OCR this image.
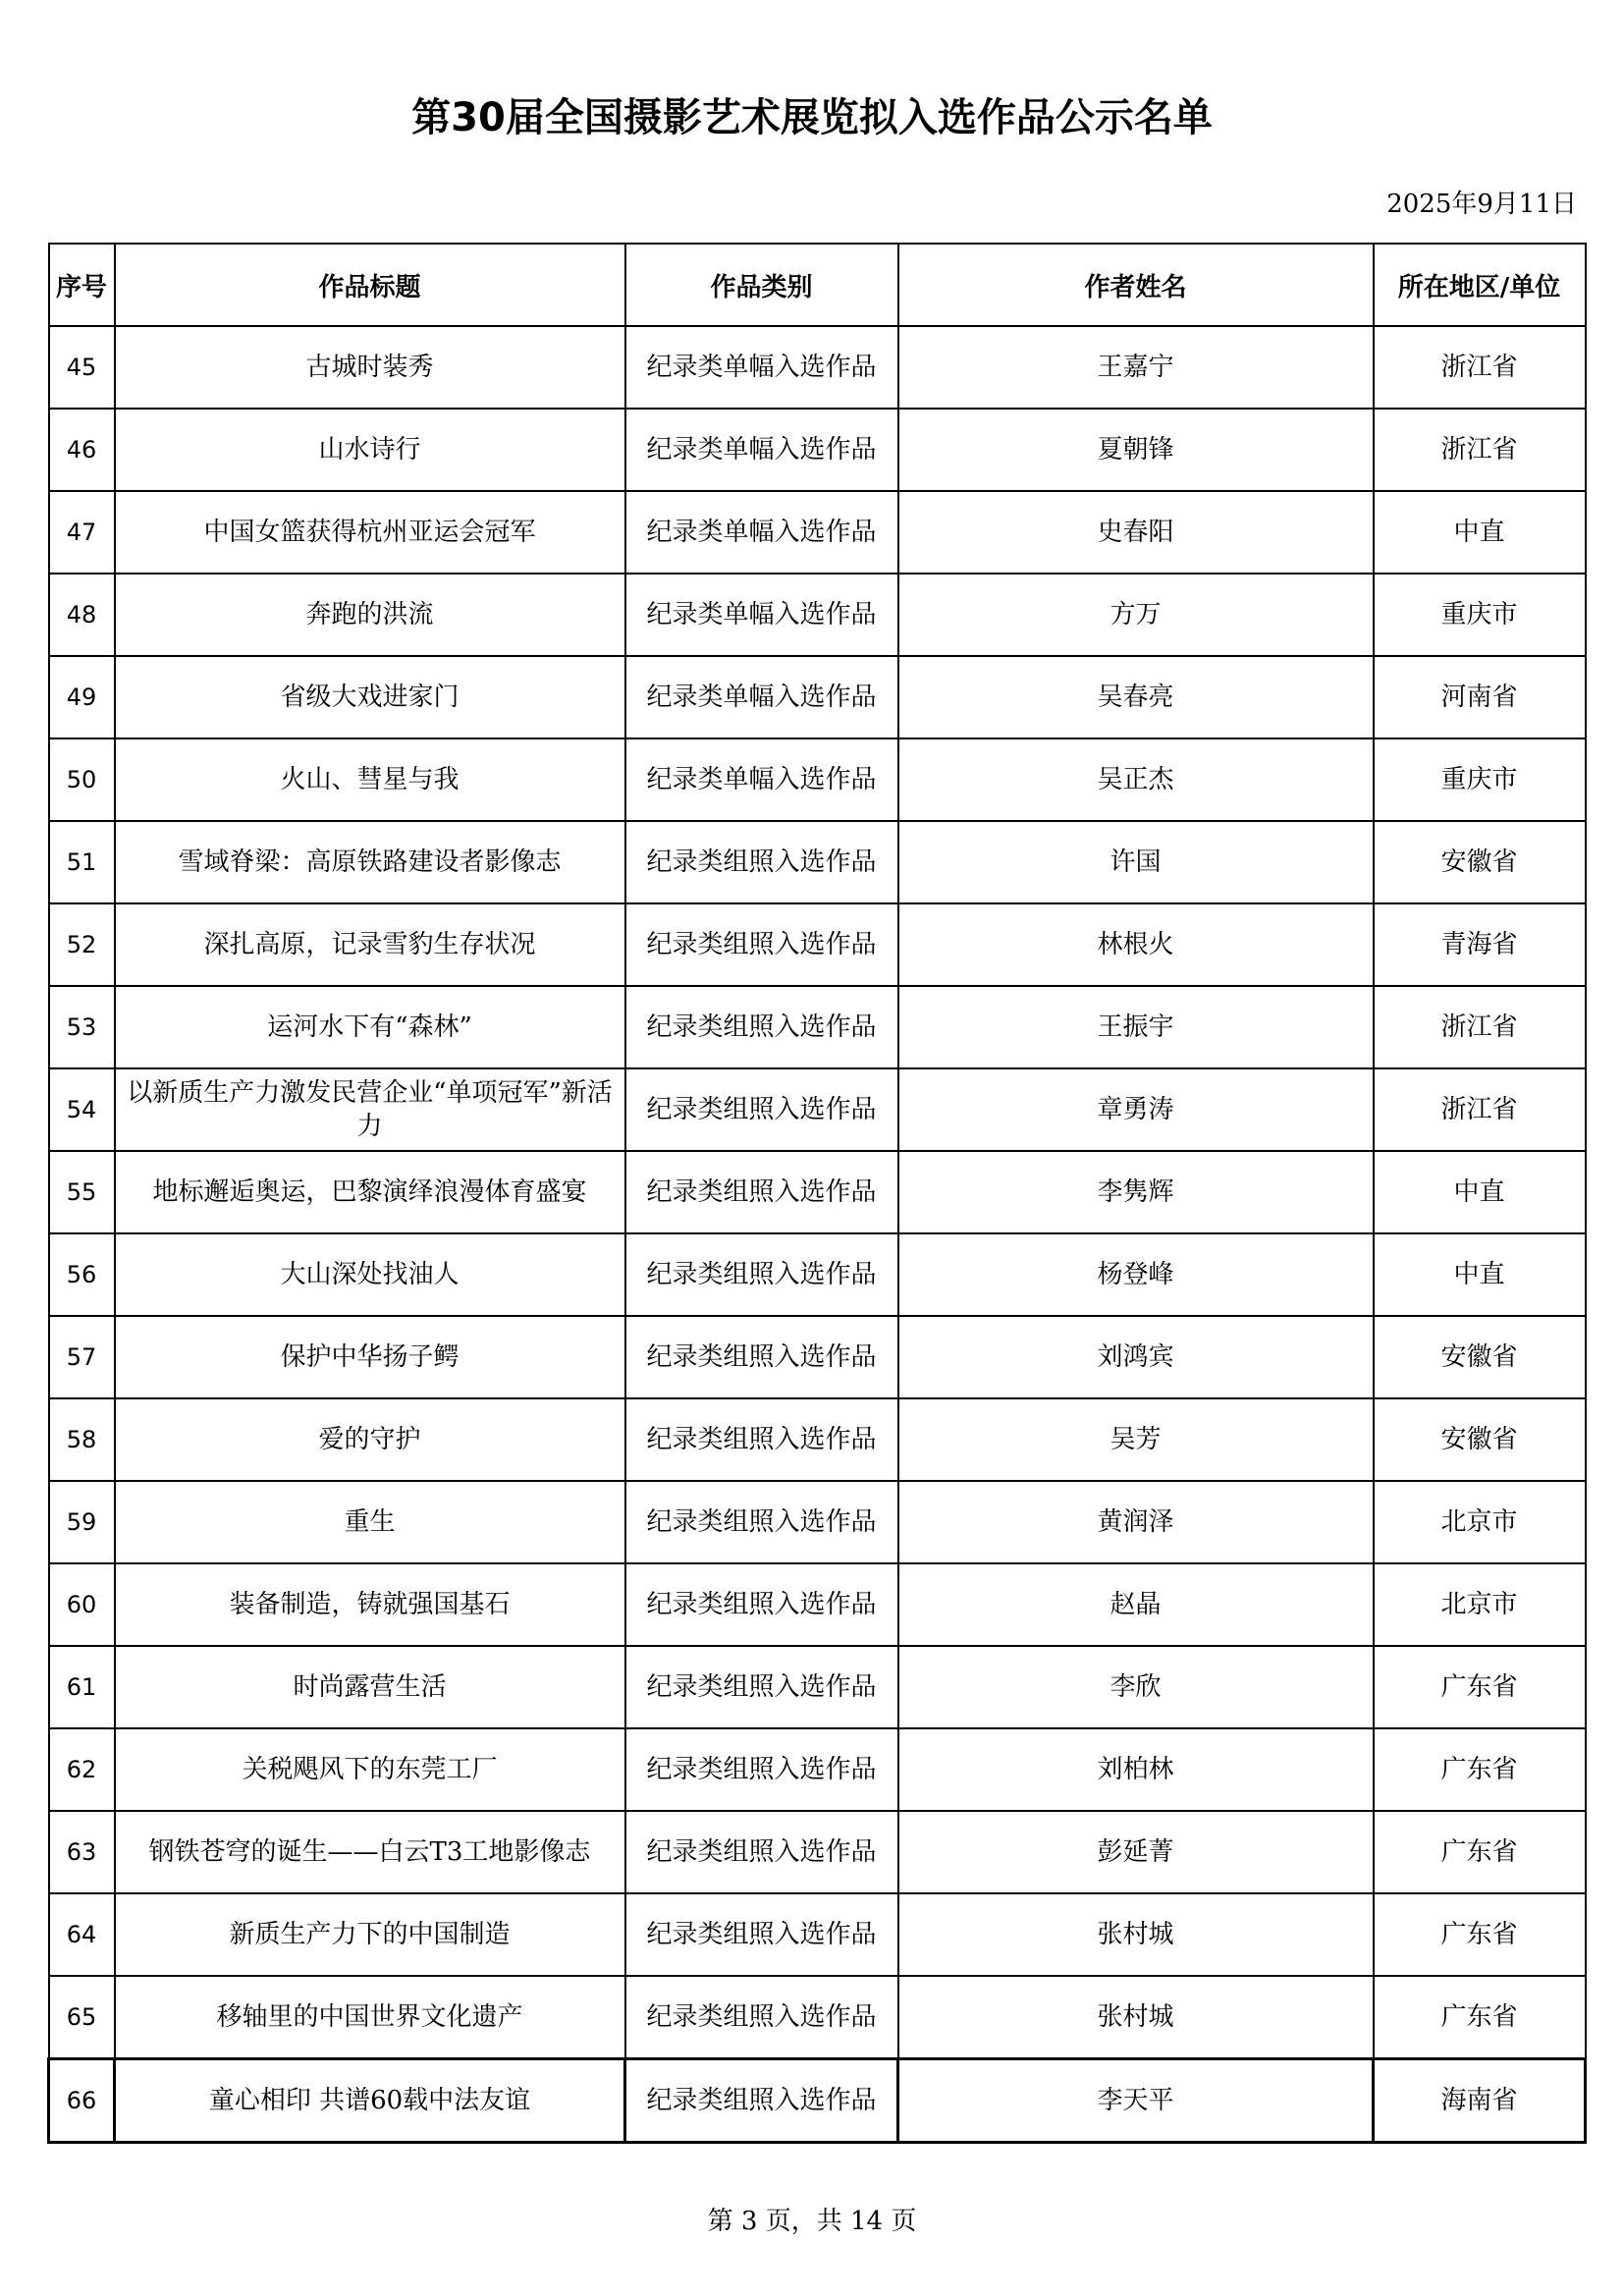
第30届全国摄影艺术展览拟入选作品公示名单
2025年9月11日
序号	作品标题	作品类别	作者姓名	所在地区/单位
45	古城时装秀	纪录类单幅入选作品	王嘉宁	浙江省
46	山水诗行	纪录类单幅入选作品	夏朝锋	浙江省
47	中国女篮获得杭州亚运会冠军	纪录类单幅入选作品	史春阳	中直
48	奔跑的洪流	纪录类单幅入选作品	方万	重庆市
49	省级大戏进家门	纪录类单幅入选作品	吴春亮	河南省
50	火山、彗星与我	纪录类单幅入选作品	吴正杰	重庆市
51	雪域脊梁：高原铁路建设者影像志	纪录类组照入选作品	许国	安徽省
52	深扎高原，记录雪豹生存状况	纪录类组照入选作品	林根火	青海省
53	运河水下有“森林”	纪录类组照入选作品	王振宇	浙江省
54	以新质生产力激发民营企业“单项冠军”新活力	纪录类组照入选作品	章勇涛	浙江省
55	地标邂逅奥运，巴黎演绎浪漫体育盛宴	纪录类组照入选作品	李隽辉	中直
56	大山深处找油人	纪录类组照入选作品	杨登峰	中直
57	保护中华扬子鳄	纪录类组照入选作品	刘鸿宾	安徽省
58	爱的守护	纪录类组照入选作品	吴芳	安徽省
59	重生	纪录类组照入选作品	黄润泽	北京市
60	装备制造，铸就强国基石	纪录类组照入选作品	赵晶	北京市
61	时尚露营生活	纪录类组照入选作品	李欣	广东省
62	关税飓风下的东莞工厂	纪录类组照入选作品	刘柏林	广东省
63	钢铁苍穹的诞生——白云T3工地影像志	纪录类组照入选作品	彭延菁	广东省
64	新质生产力下的中国制造	纪录类组照入选作品	张村城	广东省
65	移轴里的中国世界文化遗产	纪录类组照入选作品	张村城	广东省
66	童心相印 共谱60载中法友谊	纪录类组照入选作品	李天平	海南省
第 3 页，共 14 页
